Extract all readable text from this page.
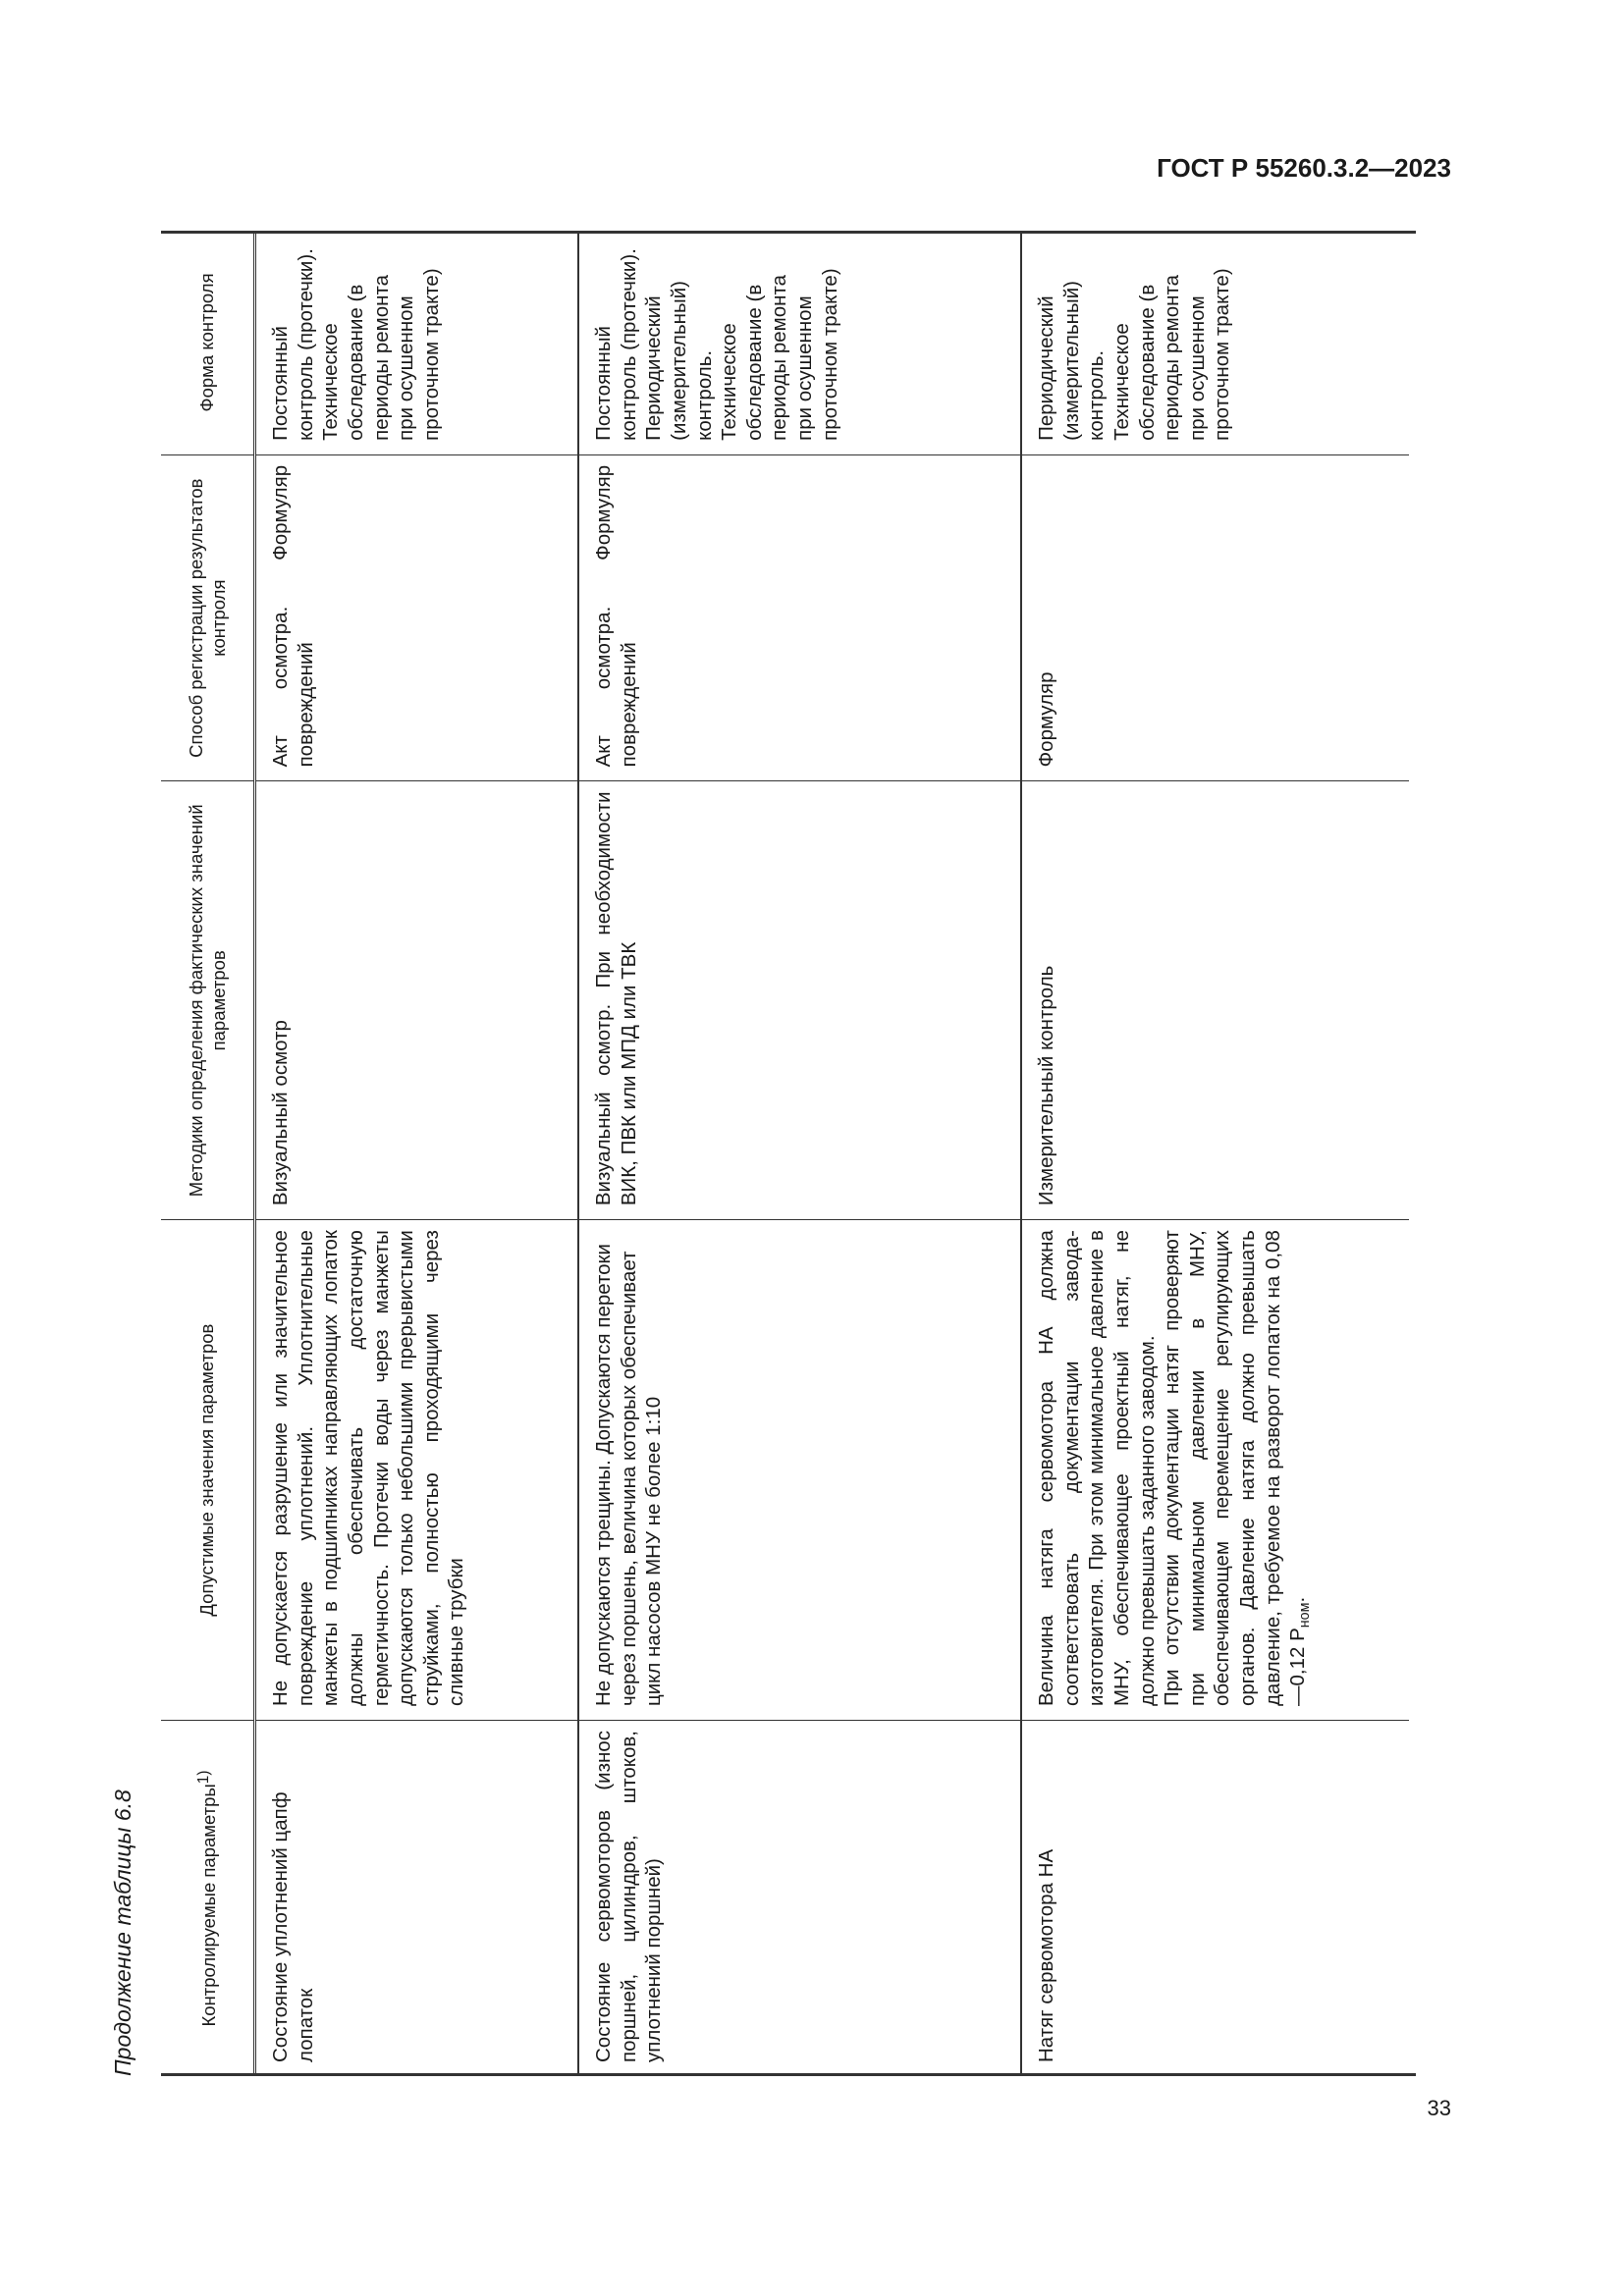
ГОСТ Р 55260.3.2—2023
Продолжение таблицы 6.8	Контролируемые параметры$^{1)}$	Допустимые значения параметров	Методики определения фактических значений параметров	Способ регистрации результатов контроля	Форма контроля
Состояние уплотнений цапф лопаток	Не допускается разрушение или значительное повреждение уплотнений. Уплотнительные манжеты в подшипниках направляющих лопаток должны обеспечивать достаточную герметичность. Протечки воды через манжеты допускаются только небольшими прерывистыми струйками, полностью проходящими через сливные трубки	Визуальный осмотр	Акт осмотра. Формуляр повреждений	Постоянный контроль (протечки). Техническое обследование (в периоды ремонта при осушенном проточном тракте)
Состояние сервомоторов (износ поршней, цилиндров, штоков, уплотнений поршней)	Не допускаются трещины. Допускаются перетоки через поршень, величина которых обеспечивает цикл насосов МНУ не более 1:10	Визуальный осмотр. При необходимости ВИК, ПВК или МПД или ТВК	Акт осмотра. Формуляр повреждений	Постоянный контроль (протечки). Периодический (измерительный) контроль. Техническое обследование (в периоды ремонта при осушенном проточном тракте)
Натяг сервомотора НА	Величина натяга сервомотора НА должна соответствовать документации завода-изготовителя. При этом минимальное давление в МНУ, обеспечивающее проектный натяг, не должно превышать заданного заводом. При отсутствии документации натяг проверяют при минимальном давлении в МНУ, обеспечивающем перемещение регулирующих органов. Давление натяга должно превышать давление, требуемое на разворот лопаток на 0,08—0,12 $P_{ном}$.	Измерительный контроль	Формуляр	Периодический (измерительный) контроль. Техническое обследование (в периоды ремонта при осушенном проточном тракте)
33
